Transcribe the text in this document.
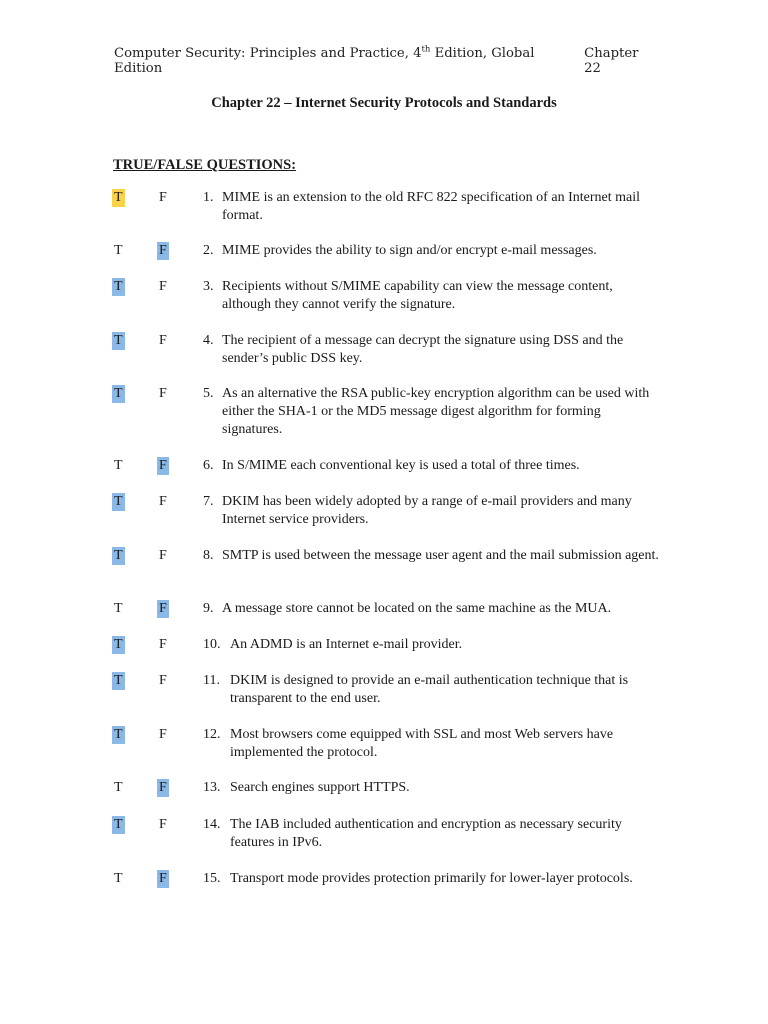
Computer Security: Principles and Practice, 4th Edition, Global Edition
Chapter 22
Chapter 22 – Internet Security Protocols and Standards
TRUE/FALSE QUESTIONS:
T	F	1. MIME is an extension to the old RFC 822 specification of an Internet mail format.
T	F	2. MIME provides the ability to sign and/or encrypt e-mail messages.
T	F	3. Recipients without S/MIME capability can view the message content, although they cannot verify the signature.
T	F	4. The recipient of a message can decrypt the signature using DSS and the sender’s public DSS key.
T	F	5. As an alternative the RSA public-key encryption algorithm can be used with either the SHA-1 or the MD5 message digest algorithm for forming signatures.
T	F	6. In S/MIME each conventional key is used a total of three times.
T	F	7. DKIM has been widely adopted by a range of e-mail providers and many Internet service providers.
T	F	8. SMTP is used between the message user agent and the mail submission agent.
T	F	9. A message store cannot be located on the same machine as the MUA.
T	F	10. An ADMD is an Internet e-mail provider.
T	F	11. DKIM is designed to provide an e-mail authentication technique that is transparent to the end user.
T	F	12. Most browsers come equipped with SSL and most Web servers have implemented the protocol.
T	F	13. Search engines support HTTPS.
T	F	14. The IAB included authentication and encryption as necessary security features in IPv6.
T	F	15. Transport mode provides protection primarily for lower-layer protocols.
